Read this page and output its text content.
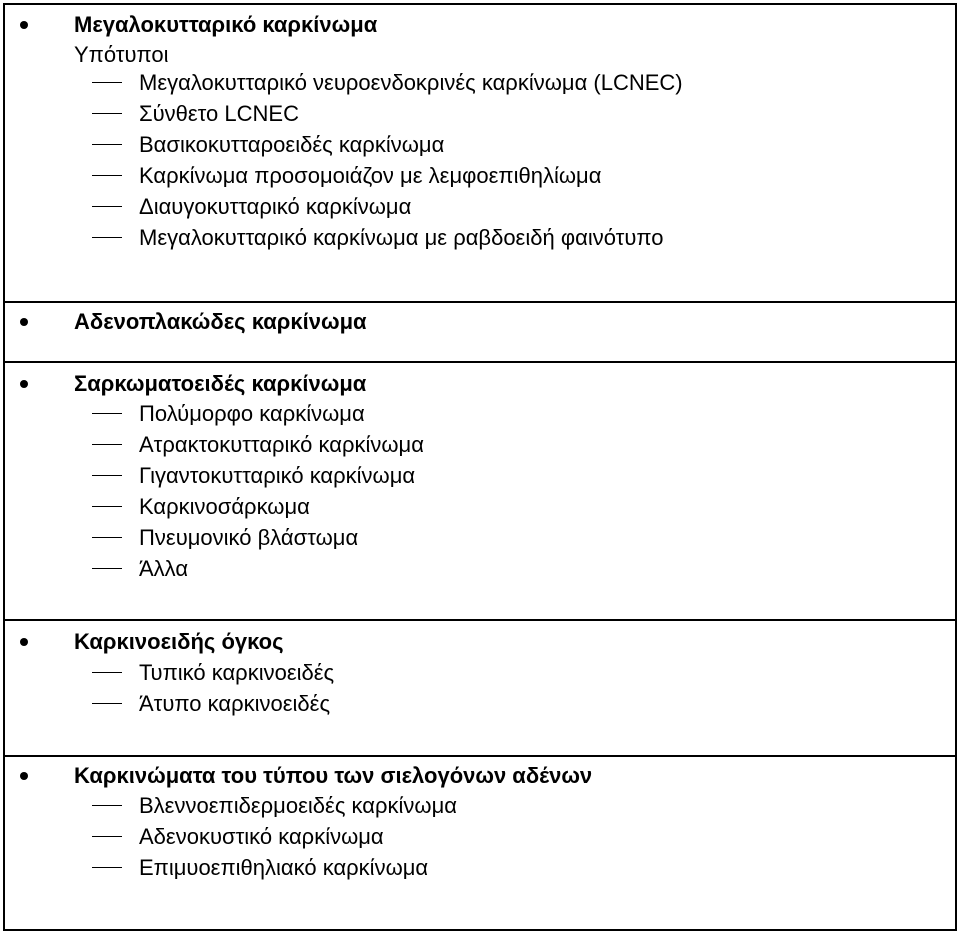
Μεγαλοκυτταρικό καρκίνωμα
Υπότυποι
Μεγαλοκυτταρικό νευροενδοκρινές καρκίνωμα (LCNEC)
Σύνθετο LCNEC
Βασικοκυτταροειδές καρκίνωμα
Καρκίνωμα προσομοιάζον με λεμφοεπιθηλίωμα
Διαυγοκυτταρικό καρκίνωμα
Μεγαλοκυτταρικό καρκίνωμα με ραβδοειδή φαινότυπο
Αδενοπλακώδες καρκίνωμα
Σαρκωματοειδές καρκίνωμα
Πολύμορφο καρκίνωμα
Ατρακτοκυτταρικό καρκίνωμα
Γιγαντοκυτταρικό καρκίνωμα
Καρκινοσάρκωμα
Πνευμονικό βλάστωμα
Άλλα
Καρκινοειδής όγκος
Τυπικό καρκινοειδές
Άτυπο καρκινοειδές
Καρκινώματα του τύπου των σιελογόνων αδένων
Βλεννοεπιδερμοειδές καρκίνωμα
Αδενοκυστικό καρκίνωμα
Επιμυοεπιθηλιακό καρκίνωμα
